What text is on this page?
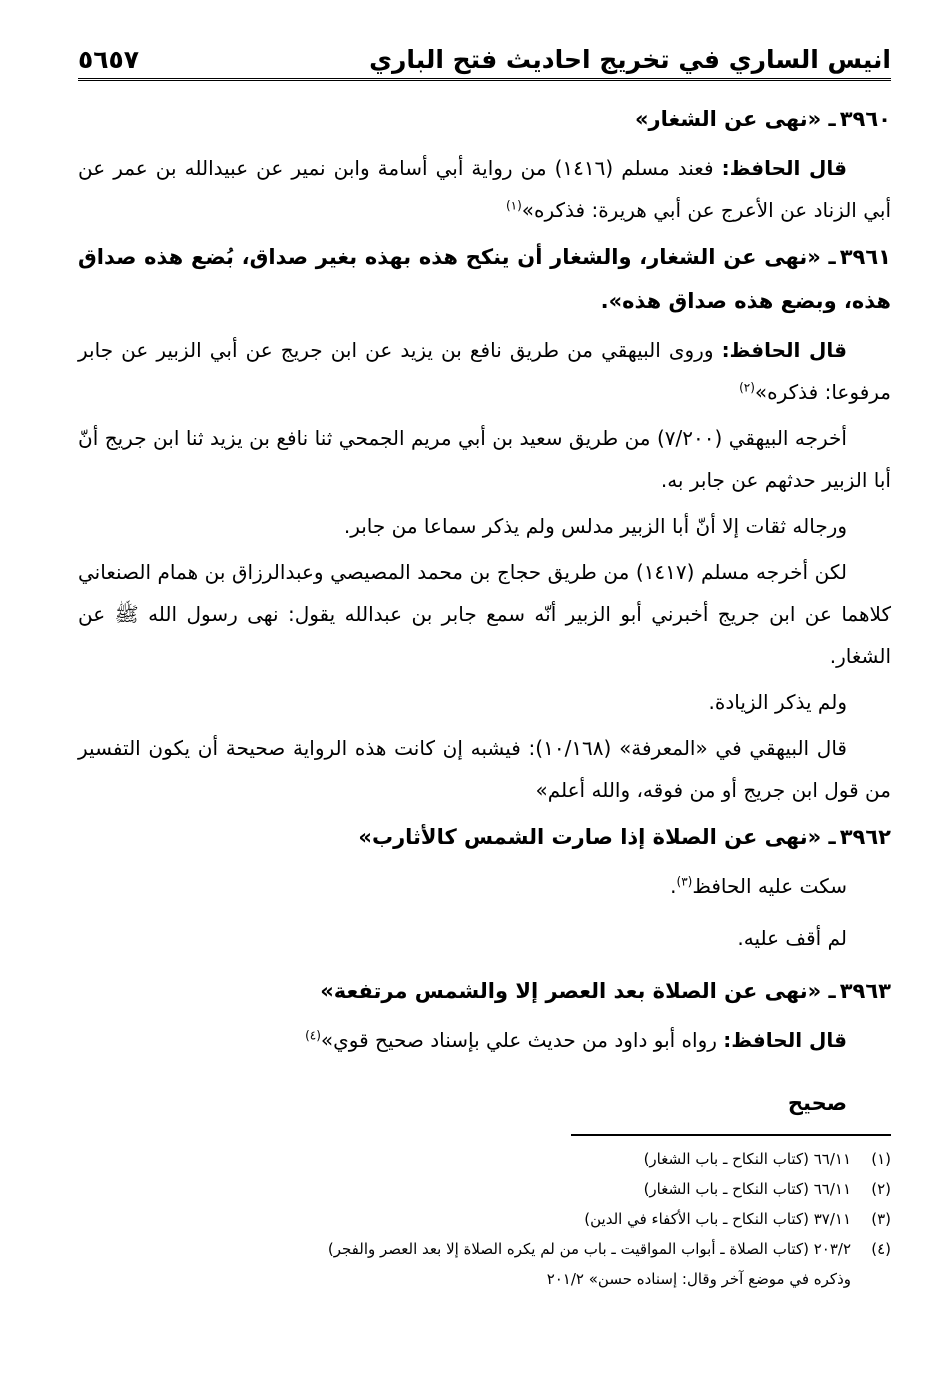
انيس الساري في تخريج احاديث فتح الباري
٥٦٥٧

٣٩٦٠ـ «نهى عن الشغار»

قال الحافظ: فعند مسلم (١٤١٦) من رواية أبي أسامة وابن نمير عن عبيدالله بن عمر عن أبي الزناد عن الأعرج عن أبي هريرة: فذكره»$^{(١)}$

٣٩٦١ـ «نهى عن الشغار، والشغار أن ينكح هذه بهذه بغير صداق، بُضع هذه صداق هذه، وبضع هذه صداق هذه».

قال الحافظ: وروى البيهقي من طريق نافع بن يزيد عن ابن جريج عن أبي الزبير عن جابر مرفوعا: فذكره»$^{(٢)}$

أخرجه البيهقي (٧/٢٠٠) من طريق سعيد بن أبي مريم الجمحي ثنا نافع بن يزيد ثنا ابن جريج أنّ أبا الزبير حدثهم عن جابر به.

ورجاله ثقات إلا أنّ أبا الزبير مدلس ولم يذكر سماعا من جابر.

لكن أخرجه مسلم (١٤١٧) من طريق حجاج بن محمد المصيصي وعبدالرزاق بن همام الصنعاني كلاهما عن ابن جريج أخبرني أبو الزبير أنّه سمع جابر بن عبدالله يقول: نهى رسول الله ﷺ عن الشغار.

ولم يذكر الزيادة.

قال البيهقي في «المعرفة» (١٠/١٦٨): فيشبه إن كانت هذه الرواية صحيحة أن يكون التفسير من قول ابن جريج أو من فوقه، والله أعلم»

٣٩٦٢ـ «نهى عن الصلاة إذا صارت الشمس كالأثارب»

سكت عليه الحافظ$^{(٣)}$.

لم أقف عليه.

٣٩٦٣ـ «نهى عن الصلاة بعد العصر إلا والشمس مرتفعة»

قال الحافظ: رواه أبو داود من حديث علي بإسناد صحيح قوي»$^{(٤)}$

صحيح

(١)٦٦/١١ (كتاب النكاح ـ باب الشغار)

(٢)٦٦/١١ (كتاب النكاح ـ باب الشغار)

(٣)٣٧/١١ (كتاب النكاح ـ باب الأكفاء في الدين)

(٤)٢٠٣/٢ (كتاب الصلاة ـ أبواب المواقيت ـ باب من لم يكره الصلاة إلا بعد العصر والفجر)

وذكره في موضع آخر وقال: إسناده حسن» ٢٠١/٢
